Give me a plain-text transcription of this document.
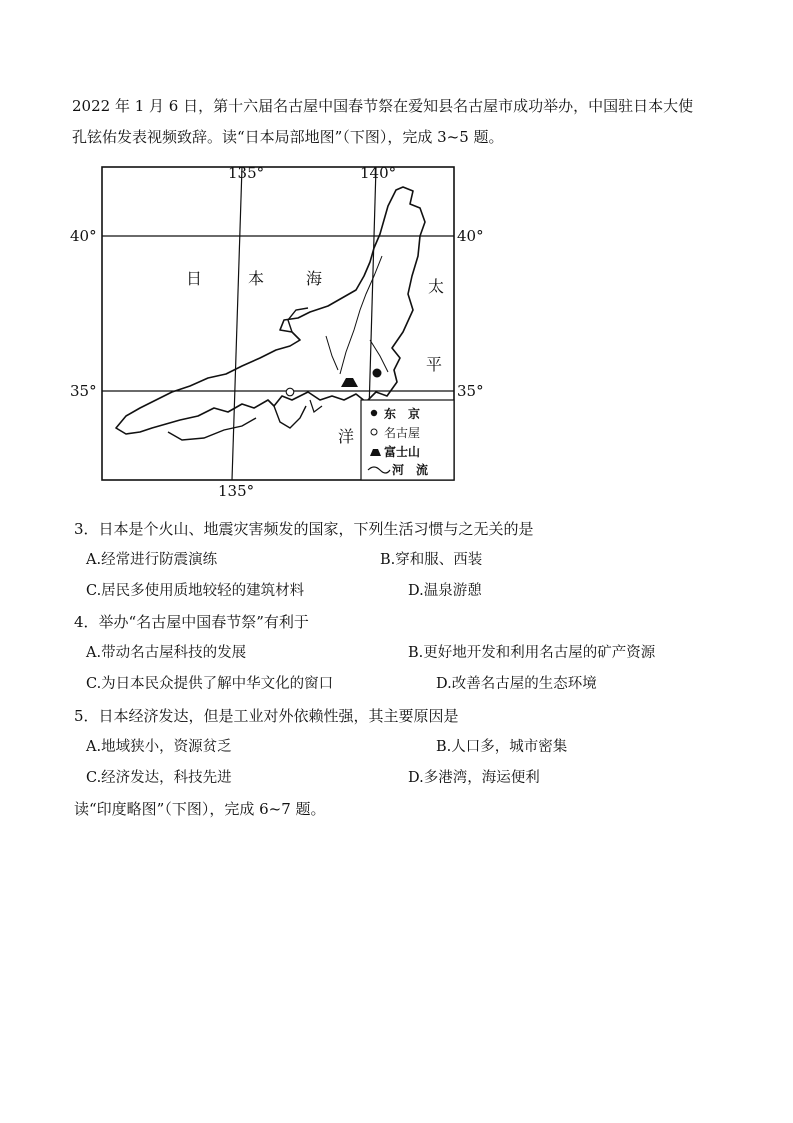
2022 年 1 月 6 日，第十六届名古屋中国春节祭在爱知县名古屋市成功举办，中国驻日本大使
孔铉佑发表视频致辞。读“日本局部地图”（下图），完成 3~5 题。
东　京
名古屋
富士山
河　流
135°	140°
135°
40°	40°
35°	35°
日	本	海	太
平
洋
3．日本是个火山、地震灾害频发的国家，下列生活习惯与之无关的是
A.经常进行防震演练	B.穿和服、西装
C.居民多使用质地较轻的建筑材料	D.温泉游憩
4．举办“名古屋中国春节祭”有利于
A.带动名古屋科技的发展	B.更好地开发和利用名古屋的矿产资源
C.为日本民众提供了解中华文化的窗口	D.改善名古屋的生态环境
5．日本经济发达，但是工业对外依赖性强，其主要原因是
A.地域狭小，资源贫乏	B.人口多，城市密集
C.经济发达，科技先进	D.多港湾，海运便利
读“印度略图”（下图），完成 6~7 题。
